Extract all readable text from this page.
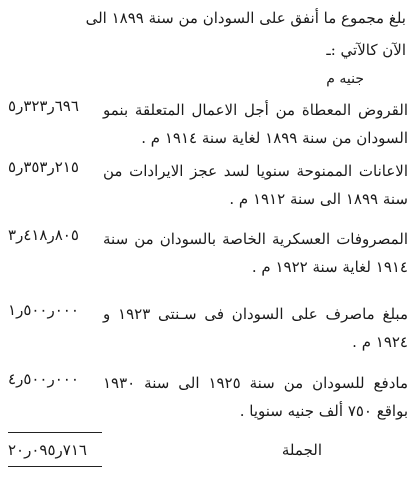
بلغ مجموع ما أنفق على السودان من سنة ١٨٩٩ الى
الآن كالآتي :ـ
جنيه م
٦٩٦ر٣٢٣ر٥ القروض المعطاة من أجل الاعمال المتعلقة بنمو السودان من سنة ١٨٩٩ لغاية سنة ١٩١٤ م .
٢١٥ر٣٥٣ر٥ الاعانات الممنوحة سنويا لسد عجز الايرادات من سنة ١٨٩٩ الى سنة ١٩١٢ م .
٨٠٥ر٤١٨ر٣ المصروفات العسكرية الخاصة بالسودان من سنة ١٩١٤ لغاية سنة ١٩٢٢ م .
٠٠٠ر٥٠٠ر١ مبلغ ماصرف على السودان فى سـنتى ١٩٢٣ و ١٩٢٤ م .
٠٠٠ر٥٠٠ر٤ مادفع للسودان من سنة ١٩٢٥ الى سنة ١٩٣٠ بواقع ٧٥٠ ألف جنيه سنويا .
٧١٦ر٠٩٥ر٢٠	الجملة
